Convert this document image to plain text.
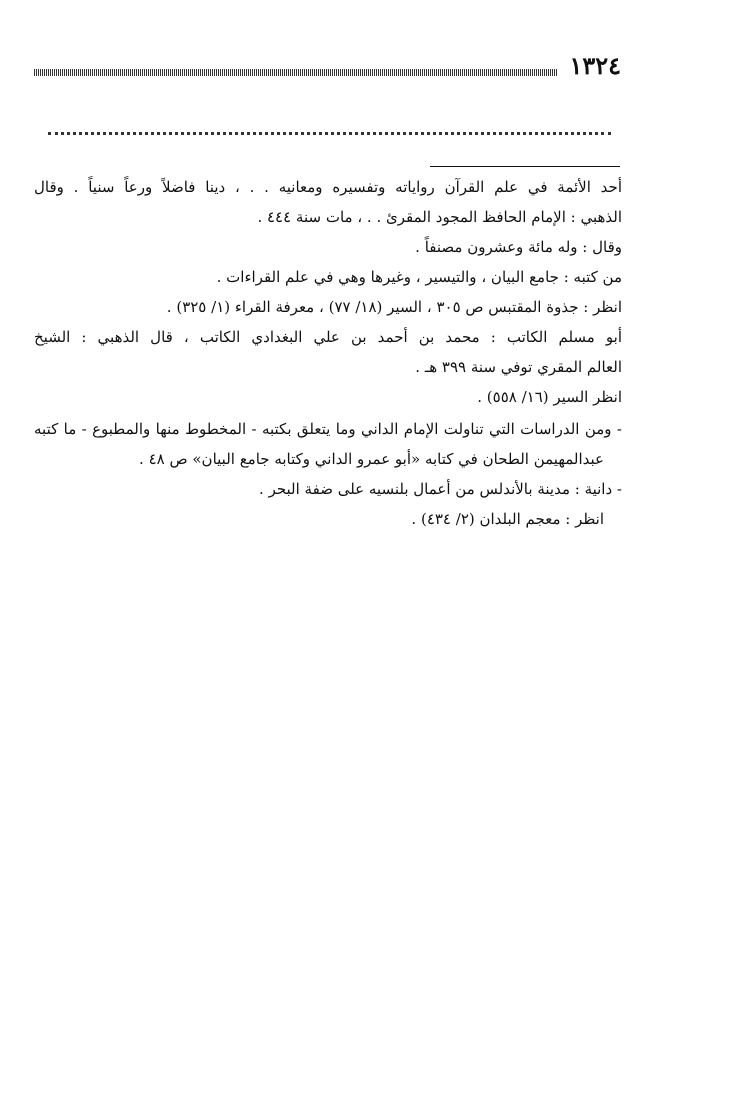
١٣٢٤
أحد الأئمة في علم القرآن رواياته وتفسيره ومعانيه . . ، دينا فاضلاً ورعاً سنياً . وقال
الذهبي : الإمام الحافظ المجود المقرئ . . ، مات سنة ٤٤٤ .
وقال : وله مائة وعشرون مصنفاً .
من كتبه : جامع البيان ، والتيسير ، وغيرها وهي في علم القراءات .
انظر : جذوة المقتبس ص ٣٠٥ ، السير (١٨/ ٧٧) ، معرفة القراء (١/ ٣٢٥) .
أبو مسلم الكاتب : محمد بن أحمد بن علي البغدادي الكاتب ، قال الذهبي : الشيخ
العالم المقري توفي سنة ٣٩٩ هـ .
انظر السير (١٦/ ٥٥٨) .
- ومن الدراسات التي تناولت الإمام الداني وما يتعلق بكتبه - المخطوط منها والمطبوع - ما كتبه
عبدالمهيمن الطحان في كتابه «أبو عمرو الداني وكتابه جامع البيان» ص ٤٨ .
- دانية : مدينة بالأندلس من أعمال بلنسيه على ضفة البحر .
انظر : معجم البلدان (٢/ ٤٣٤) .
